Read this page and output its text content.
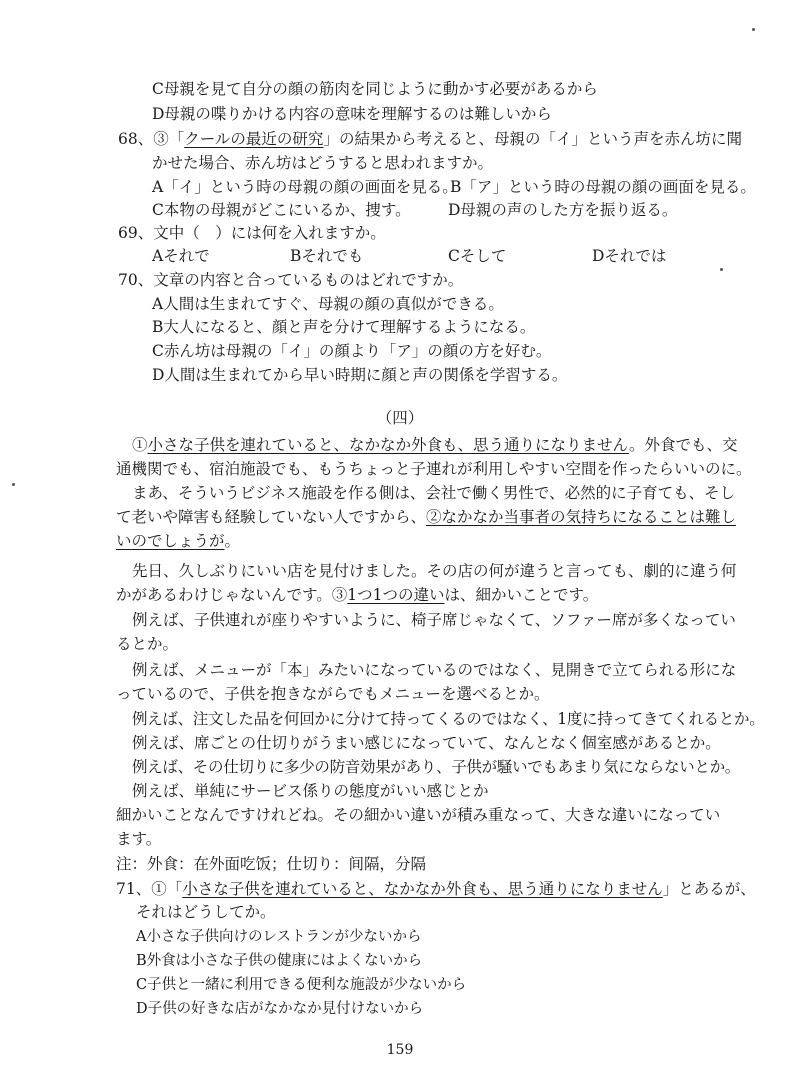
C母親を見て自分の顔の筋肉を同じように動かす必要があるから
D母親の喋りかける内容の意味を理解するのは難しいから
68、③「クールの最近の研究」の結果から考えると、母親の「イ」という声を赤ん坊に聞
かせた場合、赤ん坊はどうすると思われますか。
A「イ」という時の母親の顔の画面を見る。
B「ア」という時の母親の顔の画面を見る。
C本物の母親がどこにいるか、捜す。 D母親の声のした方を振り返る。
69、文中（　）には何を入れますか。
Aそれで	Bそれでも	Cそして	Dそれでは
70、文章の内容と合っているものはどれですか。
A人間は生まれてすぐ、母親の顔の真似ができる。
B大人になると、顔と声を分けて理解するようになる。
C赤ん坊は母親の「イ」の顔より「ア」の顔の方を好む。
D人間は生まれてから早い時期に顔と声の関係を学習する。
（四）
①小さな子供を連れていると、なかなか外食も、思う通りになりません。外食でも、交
通機関でも、宿泊施設でも、もうちょっと子連れが利用しやすい空間を作ったらいいのに。
まあ、そういうビジネス施設を作る側は、会社で働く男性で、必然的に子育ても、そし
て老いや障害も経験していない人ですから、②なかなか当事者の気持ちになることは難し
いのでしょうが。
先日、久しぶりにいい店を見付けました。その店の何が違うと言っても、劇的に違う何
かがあるわけじゃないんです。③1つ1つの違いは、細かいことです。
例えば、子供連れが座りやすいように、椅子席じゃなくて、ソファー席が多くなってい
るとか。
例えば、メニューが「本」みたいになっているのではなく、見開きで立てられる形にな
っているので、子供を抱きながらでもメニューを選べるとか。
例えば、注文した品を何回かに分けて持ってくるのではなく、1度に持ってきてくれるとか。
例えば、席ごとの仕切りがうまい感じになっていて、なんとなく個室感があるとか。
例えば、その仕切りに多少の防音効果があり、子供が騒いでもあまり気にならないとか。
例えば、単純にサービス係りの態度がいい感じとか
細かいことなんですけれどね。その細かい違いが積み重なって、大きな違いになってい
ます。
注：外食：在外面吃饭；仕切り：间隔，分隔
71、①「小さな子供を連れていると、なかなか外食も、思う通りになりません」とあるが、
それはどうしてか。
A小さな子供向けのレストランが少ないから
B外食は小さな子供の健康にはよくないから
C子供と一緒に利用できる便利な施設が少ないから
D子供の好きな店がなかなか見付けないから
159
